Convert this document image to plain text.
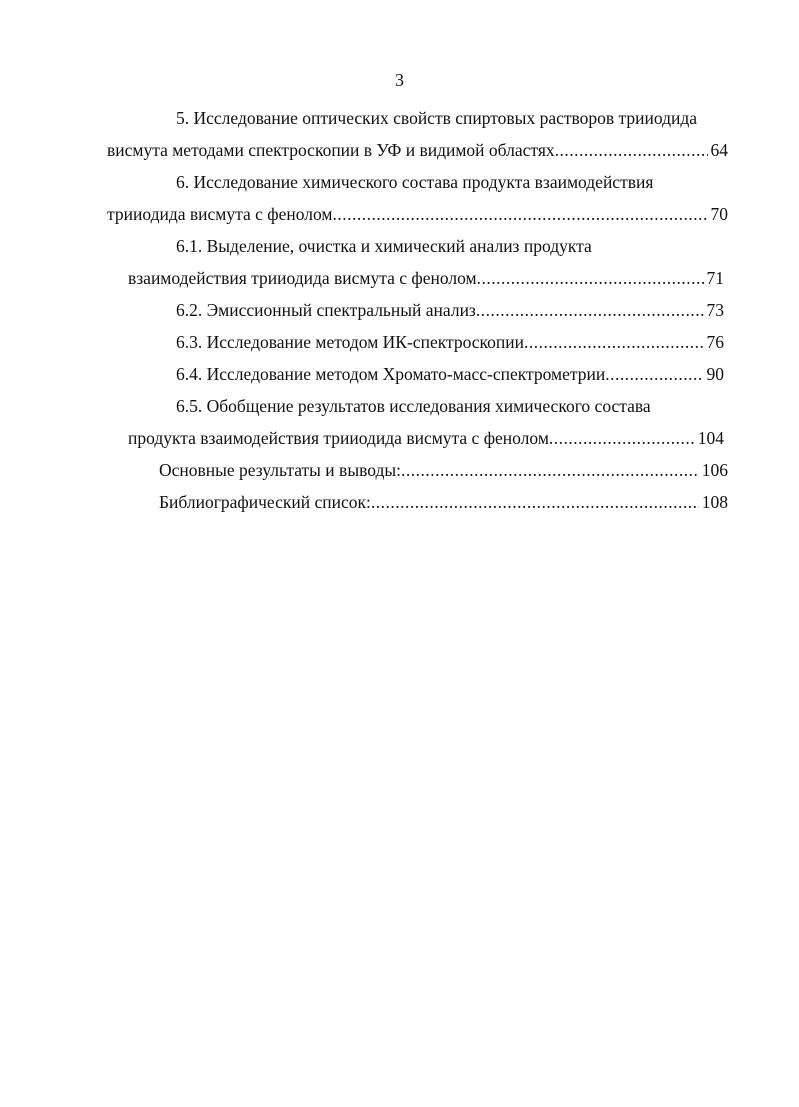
3
5. Исследование оптических свойств спиртовых растворов трииодида
висмута методами спектроскопии в УФ и видимой областях .....	64
6. Исследование химического состава продукта взаимодействия
трииодида висмута с фенолом .....	70
6.1. Выделение, очистка и химический анализ продукта
взаимодействия трииодида висмута с фенолом .....	71
6.2. Эмиссионный спектральный анализ .....	73
6.3. Исследование методом ИК-спектроскопии .....	76
6.4. Исследование методом Хромато-масс-спектрометрии .....	90
6.5. Обобщение результатов исследования химического состава
продукта взаимодействия трииодида висмута с фенолом .....	104
Основные результаты и выводы: .....	106
Библиографический список: .....	108
